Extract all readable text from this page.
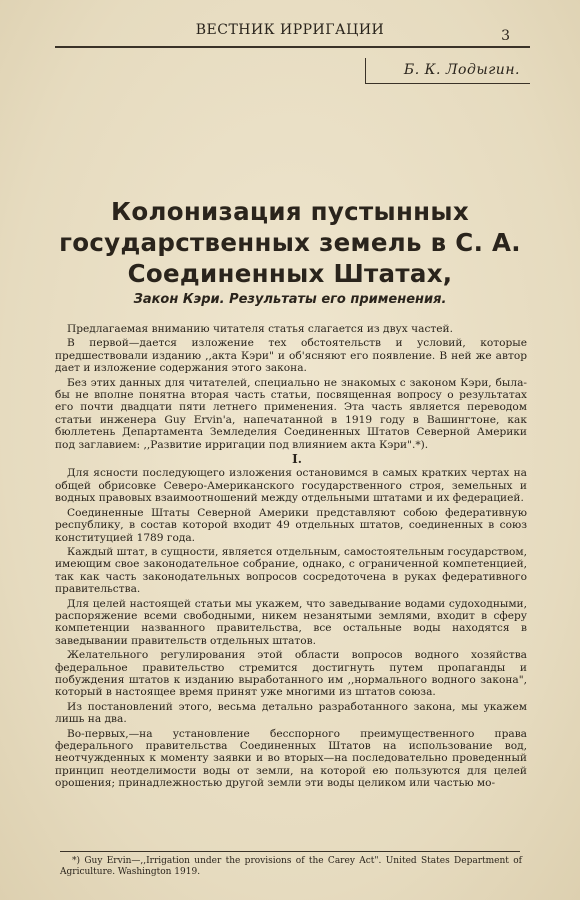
ВЕСТНИК ИРРИГАЦИИ	3
Б. К. Лодыгин.
Колонизация пустынных государственных земель в С. А. Соединенных Штатах,
Закон Кэри. Результаты его применения.

Предлагаемая вниманию читателя статья слагается из двух частей.

В первой—дается изложение тех обстоятельств и условий, которые предшествовали изданию ,,акта Кэри" и об'ясняют его появление. В ней же автор дает и изложение содержания этого закона.

Без этих данных для читателей, специально не знакомых с законом Кэри, была-бы не вполне понятна вторая часть статьи, посвященная вопросу о результатах его почти двадцати пяти летнего применения. Эта часть является переводом статьи инженера Guy Ervin'a, напечатанной в 1919 году в Вашингтоне, как бюллетень Департамента Земледелия Соединенных Штатов Северной Америки под заглавием: ,,Развитие ирригации под влиянием акта Кэри".*).

I.

Для ясности последующего изложения остановимся в самых кратких чертах на общей обрисовке Северо-Американского государственного строя, земельных и водных правовых взаимоотношений между отдельными штатами и их федерацией.

Соединенные Штаты Северной Америки представляют собою федеративную республику, в состав которой входит 49 отдельных штатов, соединенных в союз конституцией 1789 года.

Каждый штат, в сущности, является отдельным, самостоятельным государством, имеющим свое законодательное собрание, однако, с ограниченной компетенцией, так как часть законодательных вопросов сосредоточена в руках федеративного правительства.

Для целей настоящей статьи мы укажем, что заведывание водами судоходными, распоряжение всеми свободными, никем незанятыми землями, входит в сферу компетенции названного правительства, все остальные воды находятся в заведывании правительств отдельных штатов.

Желательного регулирования этой области вопросов водного хозяйства федеральное правительство стремится достигнуть путем пропаганды и побуждения штатов к изданию выработанного им ,,нормального водного закона", который в настоящее время принят уже многими из штатов союза.

Из постановлений этого, весьма детально разработанного закона, мы укажем лишь на два.

Во-первых,—на установление бесспорного преимущественного права федерального правительства Соединенных Штатов на использование вод, неотчужденных к моменту заявки и во вторых—на последовательно проведенный принцип неотделимости воды от земли, на которой ею пользуются для целей орошения; принадлежностью другой земли эти воды целиком или частью мо-

*) Guy Ervin—,,Irrigation under the provisions of the Carey Act". United States Department of Agriculture. Washington 1919.
